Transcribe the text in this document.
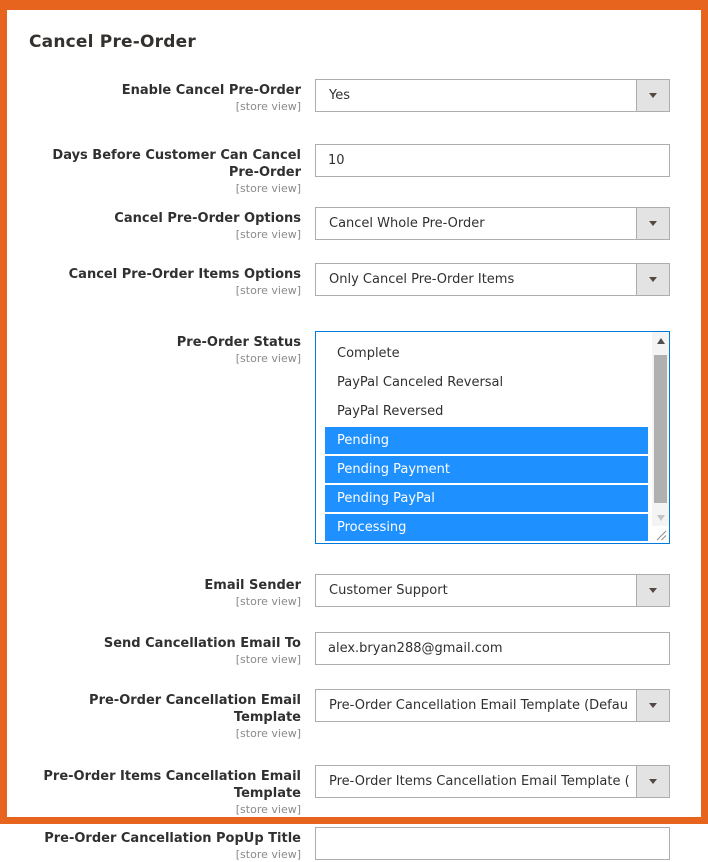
Cancel Pre-Order
Enable Cancel Pre-Order
[store view]
Yes
Days Before Customer Can Cancel Pre-Order
[store view]
10
Cancel Pre-Order Options
[store view]
Cancel Whole Pre-Order
Cancel Pre-Order Items Options
[store view]
Only Cancel Pre-Order Items
Pre-Order Status
[store view]	Complete
PayPal Canceled Reversal
PayPal Reversed
Pending
Pending Payment
Pending PayPal
Processing
Email Sender
[store view]
Customer Support
Send Cancellation Email To
[store view]
alex.bryan288@gmail.com
Pre-Order Cancellation Email Template
[store view]
Pre-Order Cancellation Email Template (Defau
Pre-Order Items Cancellation Email Template
[store view]
Pre-Order Items Cancellation Email Template (
Pre-Order Cancellation PopUp Title
[store view]
